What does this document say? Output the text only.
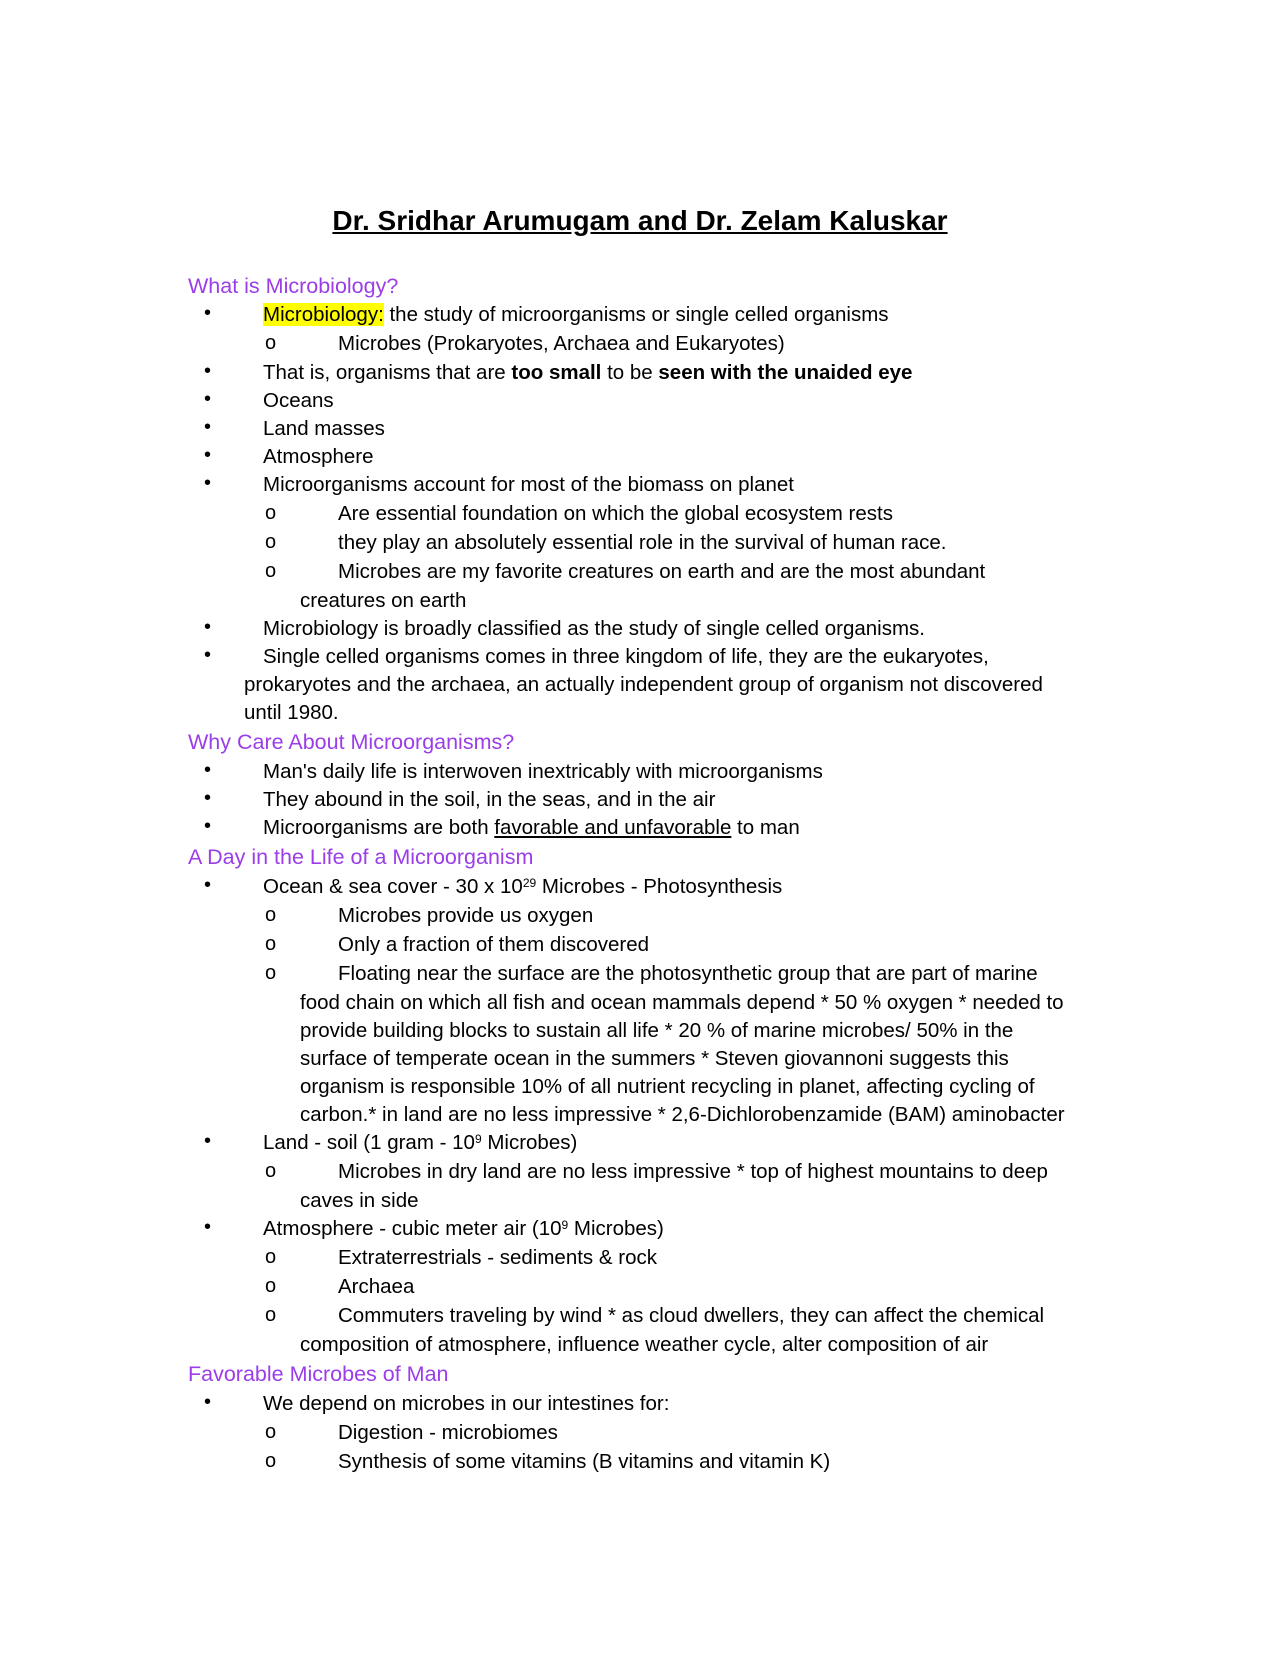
Dr. Sridhar Arumugam and Dr. Zelam Kaluskar
What is Microbiology?
•	Microbiology: the study of microorganisms or single celled organisms
o	Microbes (Prokaryotes, Archaea and Eukaryotes)
•	That is, organisms that are too small to be seen with the unaided eye
•	Oceans
•	Land masses
•	Atmosphere
•	Microorganisms account for most of the biomass on planet
o	Are essential foundation on which the global ecosystem rests
o	they play an absolutely essential role in the survival of human race.
o	Microbes are my favorite creatures on earth and are the most abundant
creatures on earth
•	Microbiology is broadly classified as the study of single celled organisms.
•	Single celled organisms comes in three kingdom of life, they are the eukaryotes,
prokaryotes and the archaea, an actually independent group of organism not discovered
until 1980.
Why Care About Microorganisms?
•	Man's daily life is interwoven inextricably with microorganisms
•	They abound in the soil, in the seas, and in the air
•	Microorganisms are both favorable and unfavorable to man
A Day in the Life of a Microorganism
•	Ocean & sea cover - 30 x $10^{29}$ Microbes - Photosynthesis
o	Microbes provide us oxygen
o	Only a fraction of them discovered
o	Floating near the surface are the photosynthetic group that are part of marine
food chain on which all fish and ocean mammals depend * 50 % oxygen * needed to
provide building blocks to sustain all life * 20 % of marine microbes/ 50% in the
surface of temperate ocean in the summers * Steven giovannoni suggests this
organism is responsible 10% of all nutrient recycling in planet, affecting cycling of
carbon.* in land are no less impressive * 2,6-Dichlorobenzamide (BAM) aminobacter
•	Land - soil (1 gram - $10^9$ Microbes)
o	Microbes in dry land are no less impressive * top of highest mountains to deep
caves in side
•	Atmosphere - cubic meter air ($10^9$ Microbes)
o	Extraterrestrials - sediments & rock
o	Archaea
o	Commuters traveling by wind * as cloud dwellers, they can affect the chemical
composition of atmosphere, influence weather cycle, alter composition of air
Favorable Microbes of Man
•	We depend on microbes in our intestines for:
o	Digestion - microbiomes
o	Synthesis of some vitamins (B vitamins and vitamin K)
